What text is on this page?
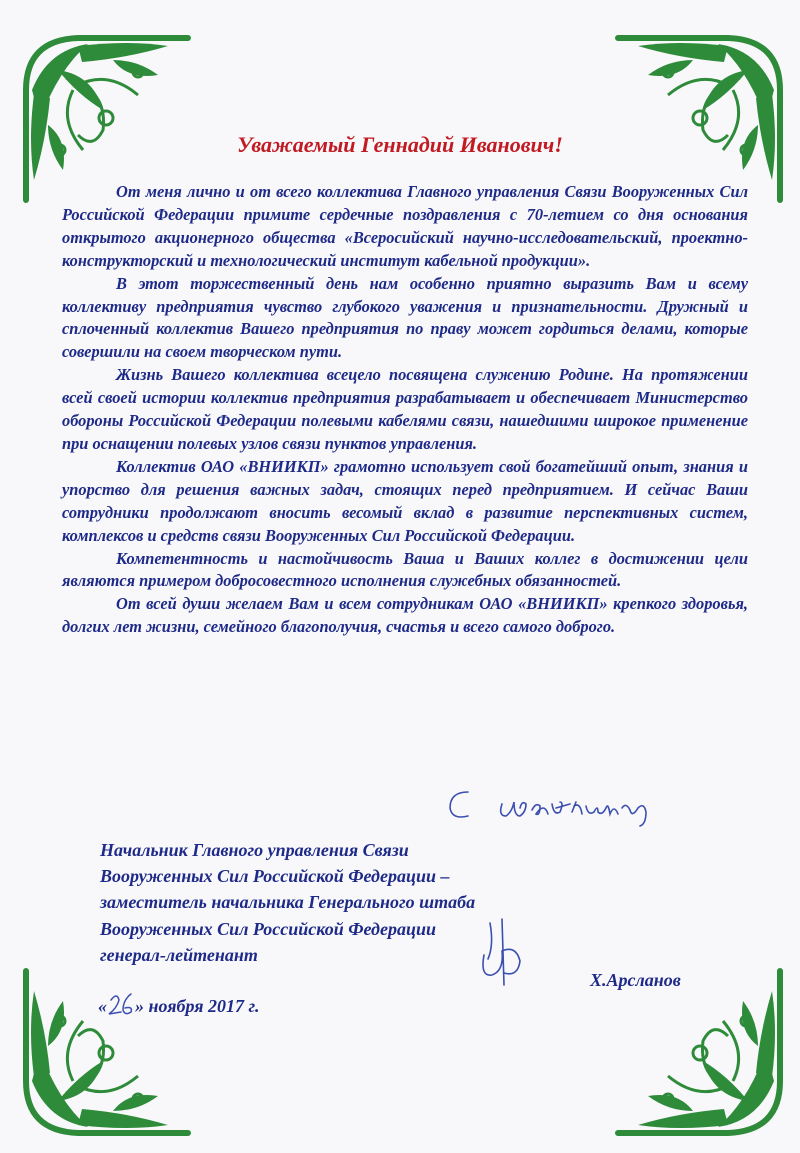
Уважаемый Геннадий Иванович!

От меня лично и от всего коллектива Главного управления Связи Вооруженных Сил Российской Федерации примите сердечные поздравления с 70-летием со дня основания открытого акционерного общества «Всеросийский научно-исследовательский, проектно-конструкторский и технологический институт кабельной продукции».

В этот торжественный день нам особенно приятно выразить Вам и всему коллективу предприятия чувство глубокого уважения и признательности. Дружный и сплоченный коллектив Вашего предприятия по праву может гордиться делами, которые совершили на своем творческом пути.

Жизнь Вашего коллектива всецело посвящена служению Родине. На протяжении всей своей истории коллектив предприятия разрабатывает и обеспечивает Министерство обороны Российской Федерации полевыми кабелями связи, нашедшими широкое применение при оснащении полевых узлов связи пунктов управления.

Коллектив ОАО «ВНИИКП» грамотно использует свой богатейший опыт, знания и упорство для решения важных задач, стоящих перед предприятием. И сейчас Ваши сотрудники продолжают вносить весомый вклад в развитие перспективных систем, комплексов и средств связи Вооруженных Сил Российской Федерации.

Компетентность и настойчивость Ваша и Ваших коллег в достижении цели являются примером добросовестного исполнения служебных обязанностей.

От всей души желаем Вам и всем сотрудникам ОАО «ВНИИКП» крепкого здоровья, долгих лет жизни, семейного благополучия, счастья и всего самого доброго.

Начальник Главного управления Связи
Вооруженных Сил Российской Федерации –
заместитель начальника Генерального штаба
Вооруженных Сил Российской Федерации
генерал-лейтенант
Х.Арсланов
« » ноября 2017 г.
